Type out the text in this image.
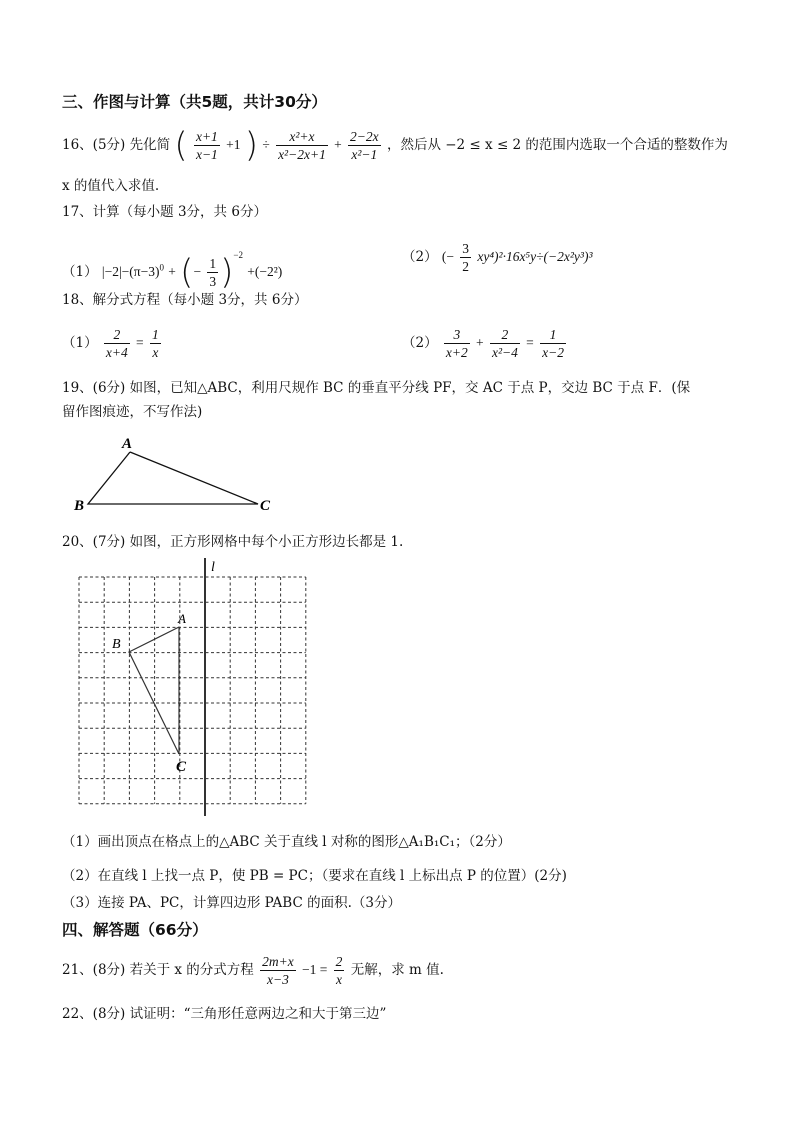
三、作图与计算（共5题，共计30分）
16、(5分) 先化简 ( $\frac{x+1}{x-1} +1$ ) ÷ $\frac{\text{x²+x}}{\text{x²−2x+1}} + \frac{2-2x}{\text{x²−1}}$ ，然后从 −2 ≤ x ≤ 2 的范围内选取一个合适的整数作为
x 的值代入求值.
17、计算（每小题 3分，共 6分）
（1） $|-2|-(\pi-3)^0$ + (− $\frac{1}{3} )^{-2} +(-2^2)$
（2） (− $\frac{3}{2} xy^4)^2\cdot 16x^5y\div(-2x^2y^3)^3$
18、解分式方程（每小题 3分，共 6分）
$(1) \frac{2}{x+4} = \frac{1}{x}$	$(2) \frac{3}{x+2} + \frac{2}{\text{x²−4}} = \frac{1}{x-2}$
19、(6分) 如图，已知△ABC，利用尺规作 BC 的垂直平分线 PF，交 AC 于点 P，交边 BC 于点 F．(保
留作图痕迹，不写作法)
A
B	C
20、(7分) 如图，正方形网格中每个小正方形边长都是 1.
l
A
B
C
（1）画出顶点在格点上的△ABC 关于直线 l 对称的图形△A₁B₁C₁；（2分）
（2）在直线 l 上找一点 P，使 PB = PC；（要求在直线 l 上标出点 P 的位置）(2分)
（3）连接 PA、PC，计算四边形 PABC 的面积.（3分）
四、解答题（66分）
21、(8分) 若关于 x 的分式方程 $\frac{2m+x}{x-3} -1 = \frac{2}{x}$ 无解，求 m 值.
22、(8分) 试证明：“三角形任意两边之和大于第三边”
